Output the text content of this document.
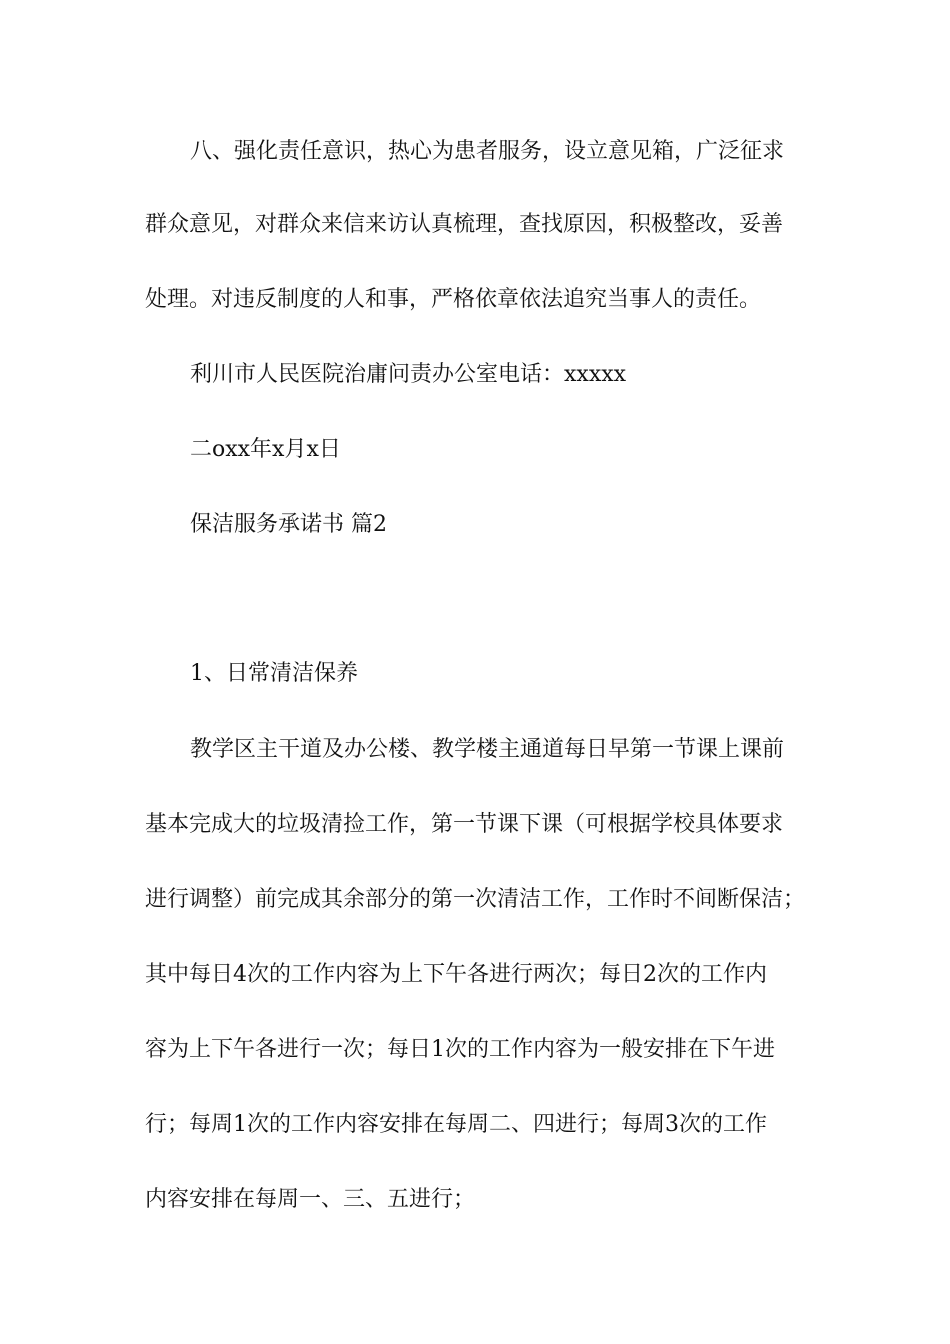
八、强化责任意识，热心为患者服务，设立意见箱，广泛征求
群众意见，对群众来信来访认真梳理，查找原因，积极整改，妥善
处理。对违反制度的人和事，严格依章依法追究当事人的责任。
利川市人民医院治庸问责办公室电话：xxxxx
二oxx年x月x日
保洁服务承诺书 篇2
1、日常清洁保养
教学区主干道及办公楼、教学楼主通道每日早第一节课上课前
基本完成大的垃圾清捡工作，第一节课下课（可根据学校具体要求
进行调整）前完成其余部分的第一次清洁工作，工作时不间断保洁；
其中每日4次的工作内容为上下午各进行两次；每日2次的工作内
容为上下午各进行一次；每日1次的工作内容为一般安排在下午进
行；每周1次的工作内容安排在每周二、四进行；每周3次的工作
内容安排在每周一、三、五进行；
